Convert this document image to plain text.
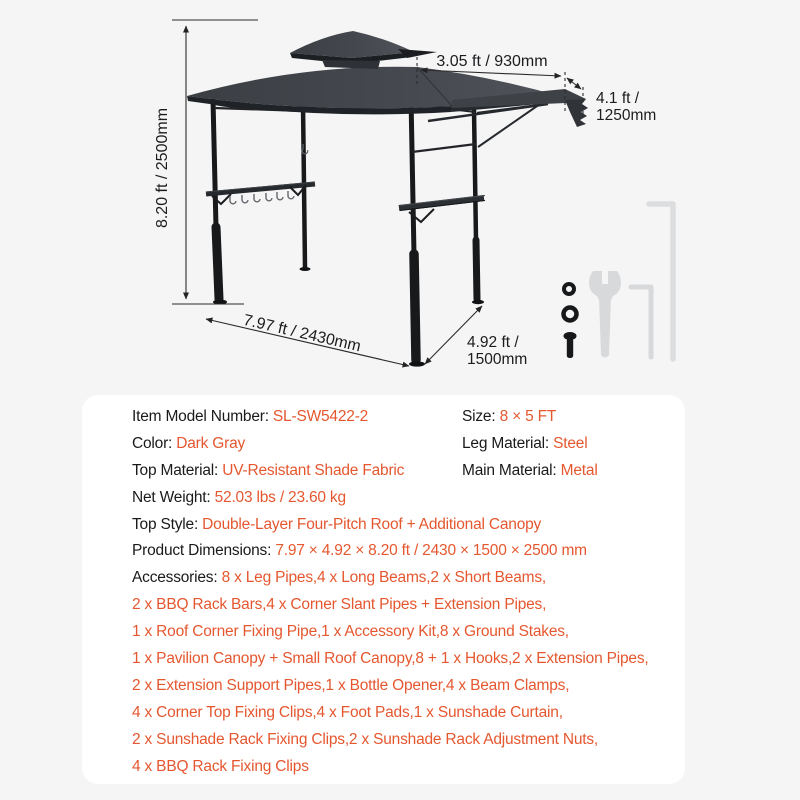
8.20 ft / 2500mm
3.05 ft / 930mm
4.1 ft /
1250mm
7.97 ft / 2430mm	4.92 ft /
1500mm
Item Model Number: SL-SW5422-2	Size: 8 × 5 FT
Color: Dark Gray	Leg Material: Steel
Top Material: UV-Resistant Shade Fabric	Main Material: Metal
Net Weight: 52.03 lbs / 23.60 kg
Top Style: Double-Layer Four-Pitch Roof + Additional Canopy
Product Dimensions: 7.97 × 4.92 × 8.20 ft / 2430 × 1500 × 2500 mm
Accessories: 8 x Leg Pipes,4 x Long Beams,2 x Short Beams,
2 x BBQ Rack Bars,4 x Corner Slant Pipes + Extension Pipes,
1 x Roof Corner Fixing Pipe,1 x Accessory Kit,8 x Ground Stakes,
1 x Pavilion Canopy + Small Roof Canopy,8 + 1 x Hooks,2 x Extension Pipes,
2 x Extension Support Pipes,1 x Bottle Opener,4 x Beam Clamps,
4 x Corner Top Fixing Clips,4 x Foot Pads,1 x Sunshade Curtain,
2 x Sunshade Rack Fixing Clips,2 x Sunshade Rack Adjustment Nuts,
4 x BBQ Rack Fixing Clips
